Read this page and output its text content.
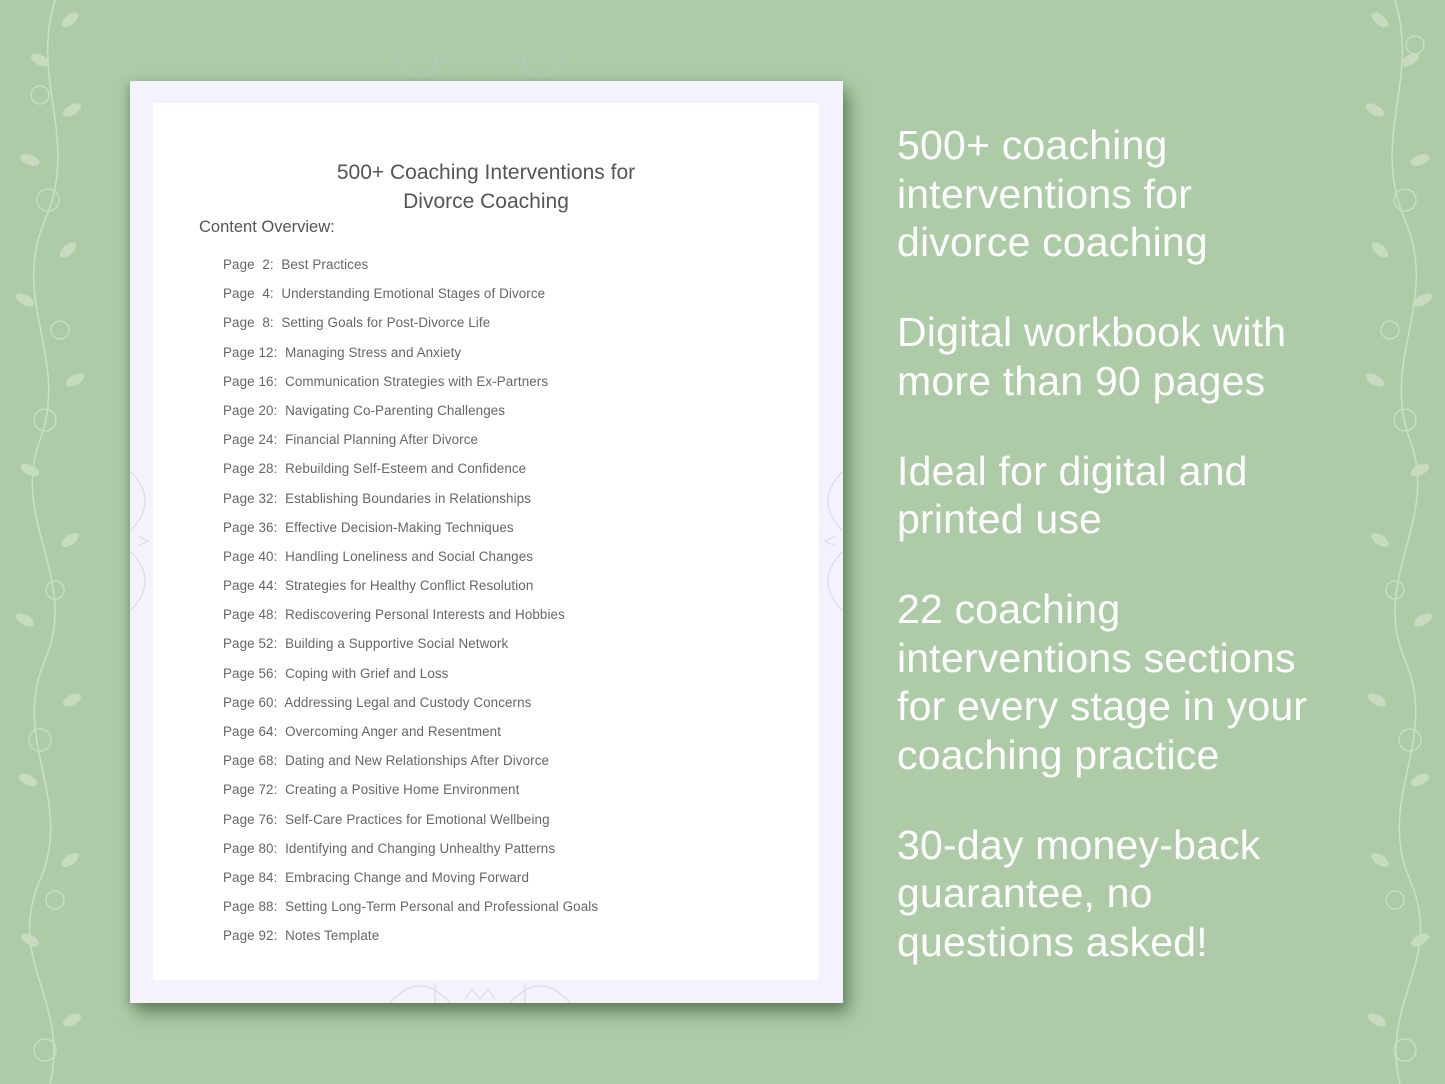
500+ Coaching Interventions for
Divorce Coaching

Content Overview:

Page  2: Best Practices
Page  4: Understanding Emotional Stages of Divorce
Page  8: Setting Goals for Post-Divorce Life
Page 12: Managing Stress and Anxiety
Page 16: Communication Strategies with Ex-Partners
Page 20: Navigating Co-Parenting Challenges
Page 24: Financial Planning After Divorce
Page 28: Rebuilding Self-Esteem and Confidence
Page 32: Establishing Boundaries in Relationships
Page 36: Effective Decision-Making Techniques
Page 40: Handling Loneliness and Social Changes
Page 44: Strategies for Healthy Conflict Resolution
Page 48: Rediscovering Personal Interests and Hobbies
Page 52: Building a Supportive Social Network
Page 56: Coping with Grief and Loss
Page 60: Addressing Legal and Custody Concerns
Page 64: Overcoming Anger and Resentment
Page 68: Dating and New Relationships After Divorce
Page 72: Creating a Positive Home Environment
Page 76: Self-Care Practices for Emotional Wellbeing
Page 80: Identifying and Changing Unhealthy Patterns
Page 84: Embracing Change and Moving Forward
Page 88: Setting Long-Term Personal and Professional Goals
Page 92: Notes Template

500+ coaching
interventions for
divorce coaching

Digital workbook with
more than 90 pages

Ideal for digital and
printed use

22 coaching
interventions sections
for every stage in your
coaching practice

30-day money-back
guarantee, no
questions asked!
